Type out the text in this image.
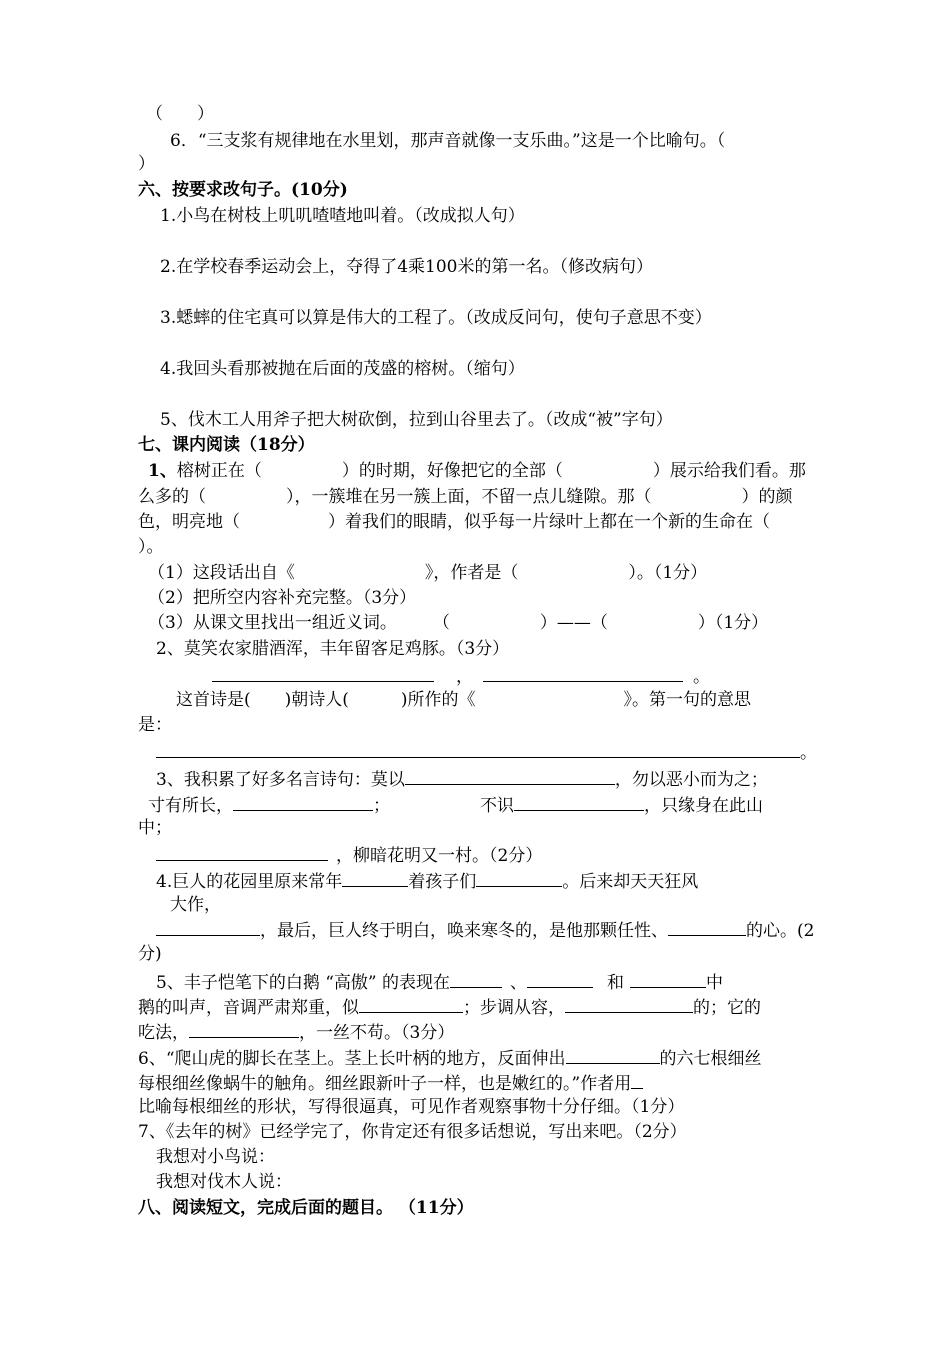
（　　）
6．“三支浆有规律地在水里划，那声音就像一支乐曲。”这是一个比喻句。（
）
六、按要求改句子。(10分)
1.小鸟在树枝上叽叽喳喳地叫着。（改成拟人句）
2.在学校春季运动会上，夺得了4乘100米的第一名。（修改病句）
3.蟋蟀的住宅真可以算是伟大的工程了。（改成反问句，使句子意思不变）
4.我回头看那被抛在后面的茂盛的榕树。（缩句）
5、伐木工人用斧子把大树砍倒，拉到山谷里去了。（改成“被”字句）
七、课内阅读（18分）
1、榕树正在（	）的时期，好像把它的全部（	）展示给我们看。那
么多的（	），一簇堆在另一簇上面，不留一点儿缝隙。那（	）的颜
色，明亮地（	）着我们的眼睛，似乎每一片绿叶上都在一个新的生命在（
）。
（1）这段话出自《	》，作者是（	）。（1分）
（2）把所空内容补充完整。（3分）
（3）从课文里找出一组近义词。 （	）——（	）（1分）
2、莫笑农家腊酒浑，丰年留客足鸡豚。（3分）
，	。
这首诗是( )朝诗人(	)所作的《	》。第一句的意思
是：
。
3、我积累了好多名言诗句：莫以	，勿以恶小而为之；
寸有所长，	；	不识	，只缘身在此山
中；
，柳暗花明又一村。（2分）
4.巨人的花园里原来常年	着孩子们	。后来却天天狂风
大作，
，最后，巨人终于明白，唤来寒冬的，是他那颗任性、	的心。(2
分)
5、丰子恺笔下的白鹅 “高傲” 的表现在	、	和	中
鹅的叫声，音调严肃郑重，似	；步调从容，	的；它的
吃法，	，一丝不苟。（3分）
6、“爬山虎的脚长在茎上。茎上长叶柄的地方，反面伸出	的六七根细丝
每根细丝像蜗牛的触角。细丝跟新叶子一样，也是嫩红的。”作者用
比喻每根细丝的形状，写得很逼真，可见作者观察事物十分仔细。（1分）
7、《去年的树》已经学完了，你肯定还有很多话想说，写出来吧。（2分）
我想对小鸟说：
我想对伐木人说：
八、阅读短文，完成后面的题目。 （11分）
